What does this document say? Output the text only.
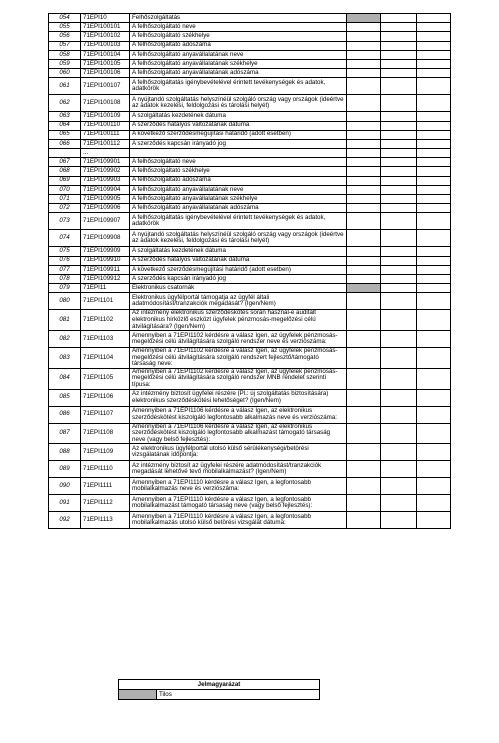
054	71EPI10	Felhőszolgáltatás			
055	71EPI100101	A felhőszolgáltató neve			
056	71EPI100102	A felhőszolgáltató székhelye			
057	71EPI100103	A felhőszolgáltató adószáma			
058	71EPI100104	A felhőszolgáltató anyavállalatának neve			
059	71EPI100105	A felhőszolgáltató anyavállalatának székhelye			
060	71EPI100106	A felhőszolgáltató anyavállalatának adószáma			
061	71EPI100107	A felhőszolgáltatás igénybevételével érintett tevékenységek és adatok, adatkörök			
062	71EPI100108	A nyújtandó szolgáltatás helyszínéül szolgáló ország vagy országok (ideértve az adatok kezelési, feldolgozási és tárolási helyét)			
063	71EPI100109	A szolgáltatás kezdetének dátuma			
064	71EPI100110	A szerződés hatályos változatának dátuma			
065	71EPI100111	A következő szerződésmegújítási határidő (adott esetben)			
066	71EPI100112	A szerződés kapcsán irányadó jog			
	...				
067	71EPI109901	A felhőszolgáltató neve			
068	71EPI109902	A felhőszolgáltató székhelye			
069	71EPI109903	A felhőszolgáltató adószáma			
070	71EPI109904	A felhőszolgáltató anyavállalatának neve			
071	71EPI109905	A felhőszolgáltató anyavállalatának székhelye			
072	71EPI109906	A felhőszolgáltató anyavállalatának adószáma			
073	71EPI109907	A felhőszolgáltatás igénybevételével érintett tevékenységek és adatok, adatkörök			
074	71EPI109908	A nyújtandó szolgáltatás helyszínéül szolgáló ország vagy országok (ideértve az adatok kezelési, feldolgozási és tárolási helyét)			
075	71EPI109909	A szolgáltatás kezdetének dátuma			
076	71EPI109910	A szerződés hatályos változatának dátuma			
077	71EPI109911	A következő szerződésmegújítási határidő (adott esetben)			
078	71EPI109912	A szerződés kapcsán irányadó jog			
079	71EPI11	Elektronikus csatornák			
080	71EPI1101	Elektronikus ügyfélportál támogatja az ügyfél általi adatmódosítást/tranzakciók megadását? (Igen/Nem)			
081	71EPI1102	Az intézmény elektronikus szerződéskötés során használ-e auditált elektronikus hírközlő eszközt ügyfelek pénzmosás-megelőzési célú átvilágítására? (Igen/Nem)			
082	71EPI1103	Amennyiben a 71EPI1102 kérdésre a válasz Igen, az ügyfelek pénzmosás-megelőzési célú átvilágítására szolgáló rendszer neve és verziószáma:			
083	71EPI1104	Amennyiben a 71EPI1102 kérdésre a válasz Igen, az ügyfelek pénzmosás-megelőzési célú átvilágítására szolgáló rendszert fejlesztő/támogató társaság neve:			
084	71EPI1105	Amennyiben a 71EPI1102 kérdésre a válasz Igen, az ügyfelek pénzmosás-megelőzési célú átvilágítására szolgáló rendszer MNB rendelet szerinti típusa:			
085	71EPI1106	Az intézmény biztosít ügyfelei részére (Pl.: új szolgáltatás biztosítására) elektronikus szerződéskötési lehetőséget? (Igen/Nem)			
086	71EPI1107	Amennyiben a 71EPI1106 kérdésre a válasz Igen, az elektronikus szerződéskötést kiszolgáló legfontosabb alkalmazás neve és verziószáma:			
087	71EPI1108	Amennyiben a 71EPI1106 kérdésre a válasz Igen, az elektronikus szerződéskötést kiszolgáló legfontosabb alkalmazást támogató társaság neve (vagy belső fejlesztés):			
088	71EPI1109	Az elektronikus ügyfélportál utolsó külső sérülékenységi/betörési vizsgálatának időpontja:			
089	71EPI1110	Az intézmény biztosít az ügyfelei részére adatmódosítást/tranzakciók megadását lehetővé tevő mobilalkalmazást? (Igen/Nem)			
090	71EPI1111	Amennyiben a 71EPI1110 kérdésre a válasz Igen, a legfontosabb mobilalkalmazás neve és verziószáma:			
091	71EPI1112	Amennyiben a 71EPI1110 kérdésre a válasz Igen, a legfontosabb mobilalkalmazást támogató társaság neve (vagy belső fejlesztés):			
092	71EPI1113	Amennyiben a 71EPI1110 kérdésre a válasz Igen, a legfontosabb mobilalkalmazás utolsó külső betörési vizsgálat dátuma:			
Jelmagyarázat
	Tilos
